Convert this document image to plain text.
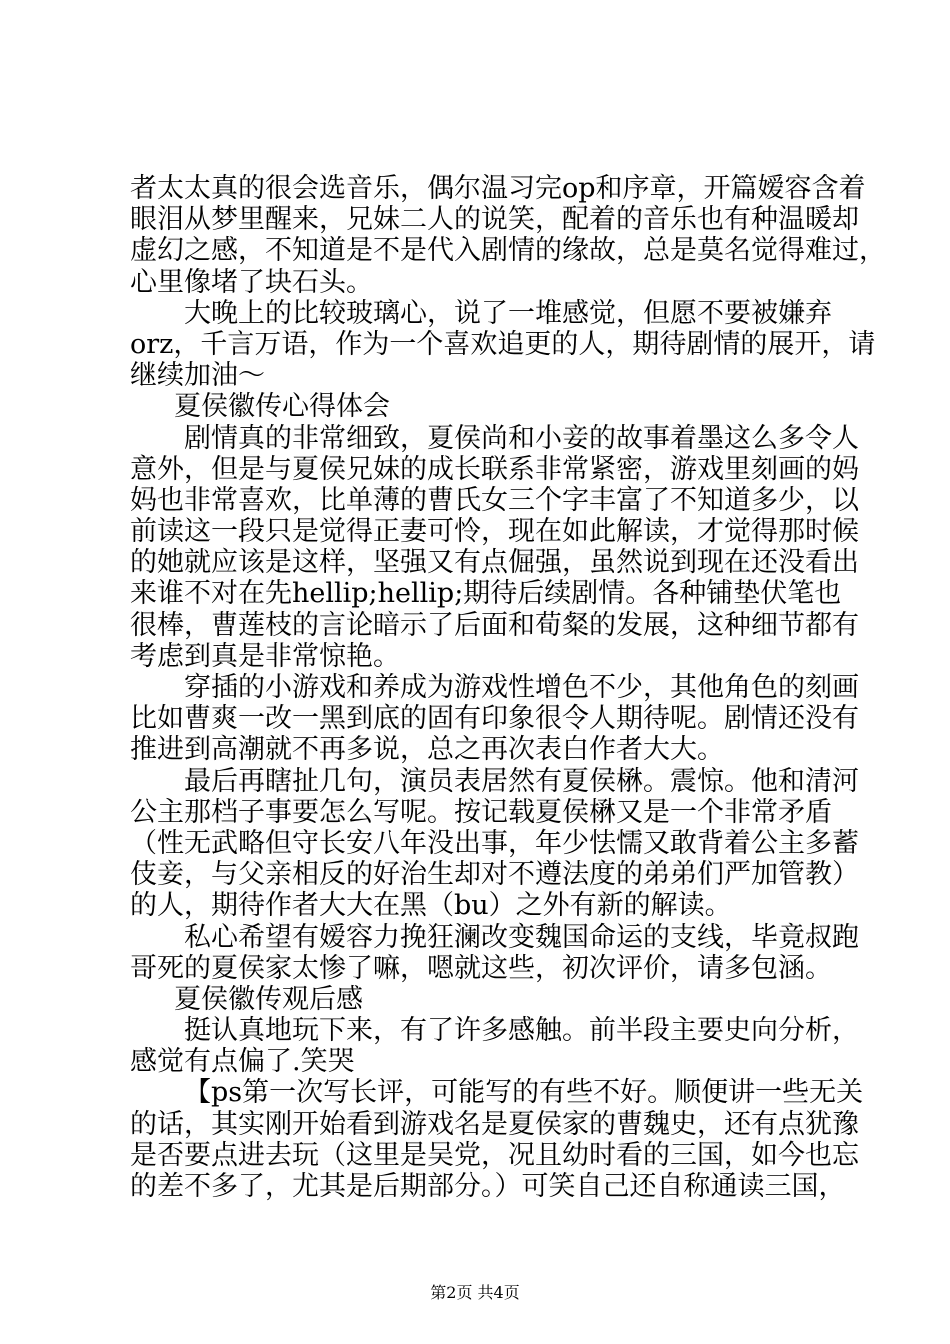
者太太真的很会选音乐，偶尔温习完op和序章，开篇嫒容含着
眼泪从梦里醒来，兄妹二人的说笑，配着的音乐也有种温暖却
虚幻之感，不知道是不是代入剧情的缘故，总是莫名觉得难过，
心里像堵了块石头。
大晚上的比较玻璃心，说了一堆感觉，但愿不要被嫌弃
orz，千言万语，作为一个喜欢追更的人，期待剧情的展开，请
继续加油～
夏侯徽传心得体会
剧情真的非常细致，夏侯尚和小妾的故事着墨这么多令人
意外，但是与夏侯兄妹的成长联系非常紧密，游戏里刻画的妈
妈也非常喜欢，比单薄的曹氏女三个字丰富了不知道多少，以
前读这一段只是觉得正妻可怜，现在如此解读，才觉得那时候
的她就应该是这样，坚强又有点倔强，虽然说到现在还没看出
来谁不对在先hellip;hellip;期待后续剧情。各种铺垫伏笔也
很棒，曹莲枝的言论暗示了后面和荀粲的发展，这种细节都有
考虑到真是非常惊艳。
穿插的小游戏和养成为游戏性增色不少，其他角色的刻画
比如曹爽一改一黑到底的固有印象很令人期待呢。剧情还没有
推进到高潮就不再多说，总之再次表白作者大大。
最后再瞎扯几句，演员表居然有夏侯楙。震惊。他和清河
公主那档子事要怎么写呢。按记载夏侯楙又是一个非常矛盾
（性无武略但守长安八年没出事，年少怯懦又敢背着公主多蓄
伎妾，与父亲相反的好治生却对不遵法度的弟弟们严加管教）
的人，期待作者大大在黑（bu）之外有新的解读。
私心希望有嫒容力挽狂澜改变魏国命运的支线，毕竟叔跑
哥死的夏侯家太惨了嘛，嗯就这些，初次评价，请多包涵。
夏侯徽传观后感
挺认真地玩下来，有了许多感触。前半段主要史向分析，
感觉有点偏了.笑哭
【ps第一次写长评，可能写的有些不好。顺便讲一些无关
的话，其实刚开始看到游戏名是夏侯家的曹魏史，还有点犹豫
是否要点进去玩（这里是吴党，况且幼时看的三国，如今也忘
的差不多了，尤其是后期部分。）可笑自己还自称通读三国，
第2页 共4页
